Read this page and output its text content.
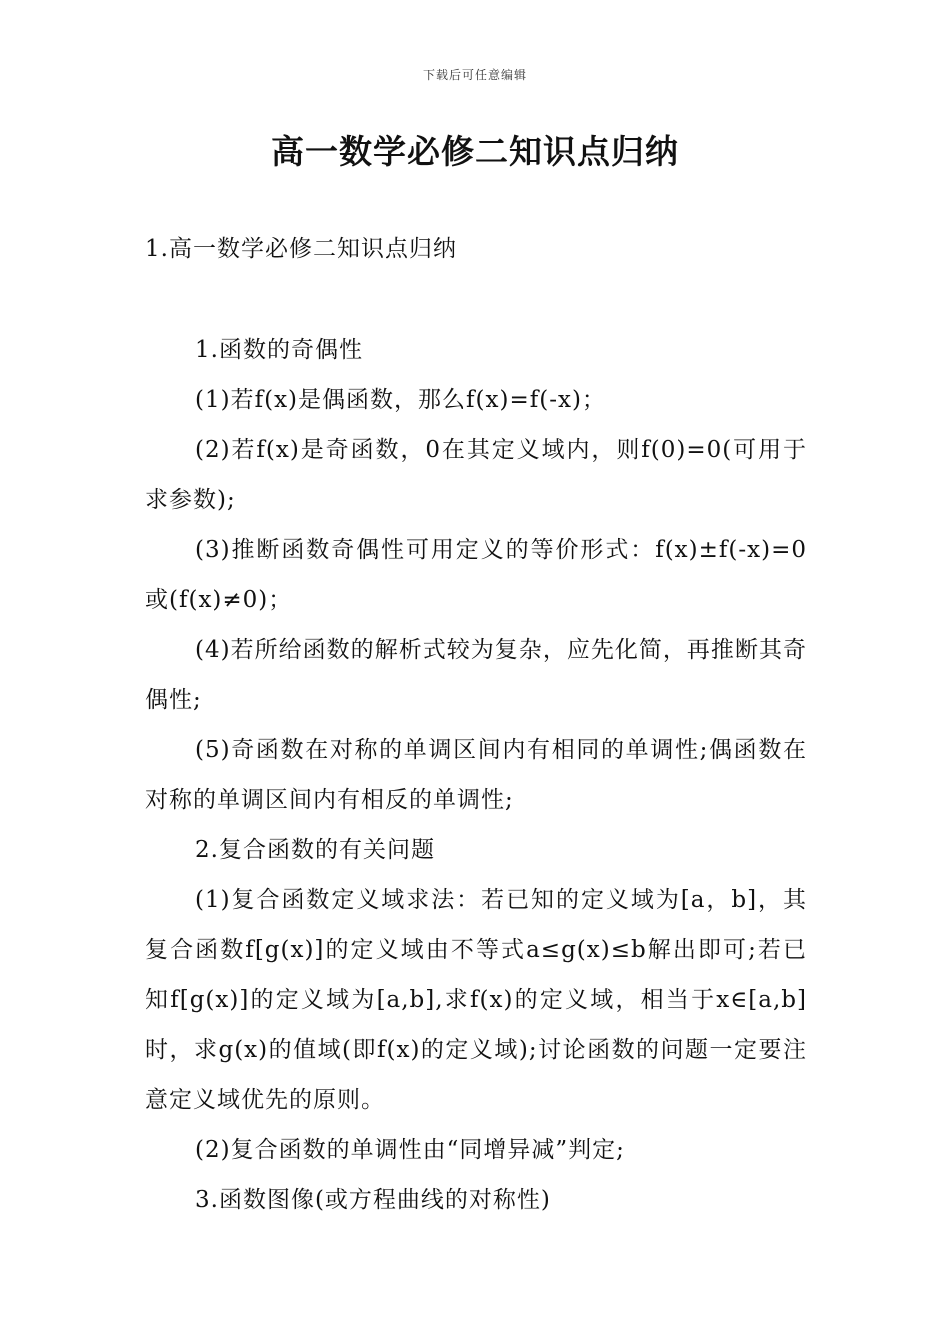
下载后可任意编辑
高一数学必修二知识点归纳
1.高一数学必修二知识点归纳

1.函数的奇偶性

(1)若f(x)是偶函数，那么f(x)=f(-x)；

(2)若f(x)是奇函数，0在其定义域内，则f(0)=0(可用于求参数);

(3)推断函数奇偶性可用定义的等价形式：f(x)±f(-x)=0或(f(x)≠0)；

(4)若所给函数的解析式较为复杂，应先化简，再推断其奇偶性;

(5)奇函数在对称的单调区间内有相同的单调性;偶函数在对称的单调区间内有相反的单调性;

2.复合函数的有关问题

(1)复合函数定义域求法：若已知的定义域为[a，b]，其复合函数f[g(x)]的定义域由不等式a≤g(x)≤b解出即可;若已知f[g(x)]的定义域为[a,b],求f(x)的定义域，相当于x∈[a,b]时，求g(x)的值域(即f(x)的定义域);讨论函数的问题一定要注意定义域优先的原则。

(2)复合函数的单调性由“同增异减”判定;

3.函数图像(或方程曲线的对称性)
